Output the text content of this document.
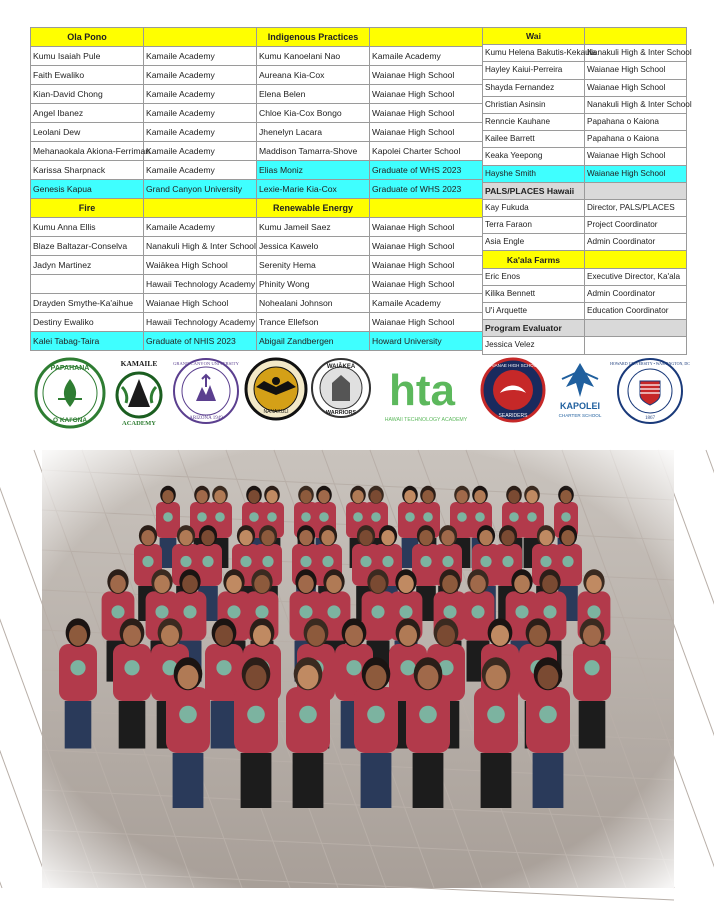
Ola Pono	
Kumu Isaiah Pule	Kamaile Academy
Faith Ewaliko	Kamaile Academy
Kian-David Chong	Kamaile Academy
Angel Ibanez	Kamaile Academy
Leolani Dew	Kamaile Academy
Mehanaokala Akiona-Ferriman	Kamaile Academy
Karissa Sharpnack	Kamaile Academy
Genesis Kapua	Grand Canyon University
Fire	
Kumu Anna Ellis	Kamaile Academy
Blaze Baltazar-Conselva	Nanakuli High & Inter School
Jadyn Martinez	Waiākea High School
	Hawaii Technology Academy
Drayden Smythe-Ka'aihue	Waianae High School
Destiny Ewaliko	Hawaii Technology Academy
Kalei Tabag-Taira	Graduate of NHIS 2023
Indigenous Practices	
Kumu Kanoelani Nao	Kamaile Academy
Aureana Kia-Cox	Waianae High School
Elena Belen	Waianae High School
Chloe Kia-Cox Bongo	Waianae High School
Jhenelyn Lacara	Waianae High School
Maddison Tamarra-Shove	Kapolei Charter School
Elias Moniz	Graduate of WHS 2023
Lexie-Marie Kia-Cox	Graduate of WHS 2023
Renewable Energy	
Kumu Jameil Saez	Waianae High School
Jessica Kawelo	Waianae High School
Serenity Hema	Waianae High School
Phinity Wong	Waianae High School
Nohealani Johnson	Kamaile Academy
Trance Ellefson	Waianae High School
Abigail Zandbergen	Howard University
Wai	
Kumu Helena Bakutis-Kekaula	Nanakuli High & Inter School
Hayley Kaiui-Perreira	Waianae High School
Shayda Fernandez	Waianae High School
Christian Asinsin	Nanakuli High & Inter School
Renncie Kauhane	Papahana o Kaiona
Kailee Barrett	Papahana o Kaiona
Keaka Yeepong	Waianae High School
Hayshe Smith	Waianae High School
PALS/PLACES Hawaii	
Kay Fukuda	Director, PALS/PLACES
Terra Faraon	Project Coordinator
Asia Engle	Admin Coordinator
Ka'ala Farms	
Eric Enos	Executive Director, Ka'ala
Kilika Bennett	Admin Coordinator
U'i Arquette	Education Coordinator
Program Evaluator	
Jessica Velez	
PAPAHANA
O KAI'ONA
KAMAILE
ACADEMY
GRAND CANYON UNIVERSITY
ARIZONA 1949
NANAKULI
WAIĀKEA
WARRIORS hta
HAWAII TECHNOLOGY ACADEMY
WAIANAE HIGH SCHOOL
SEARIDERS
KAPOLEI
CHARTER SCHOOL
HOWARD UNIVERSITY • WASHINGTON, DC
1867
